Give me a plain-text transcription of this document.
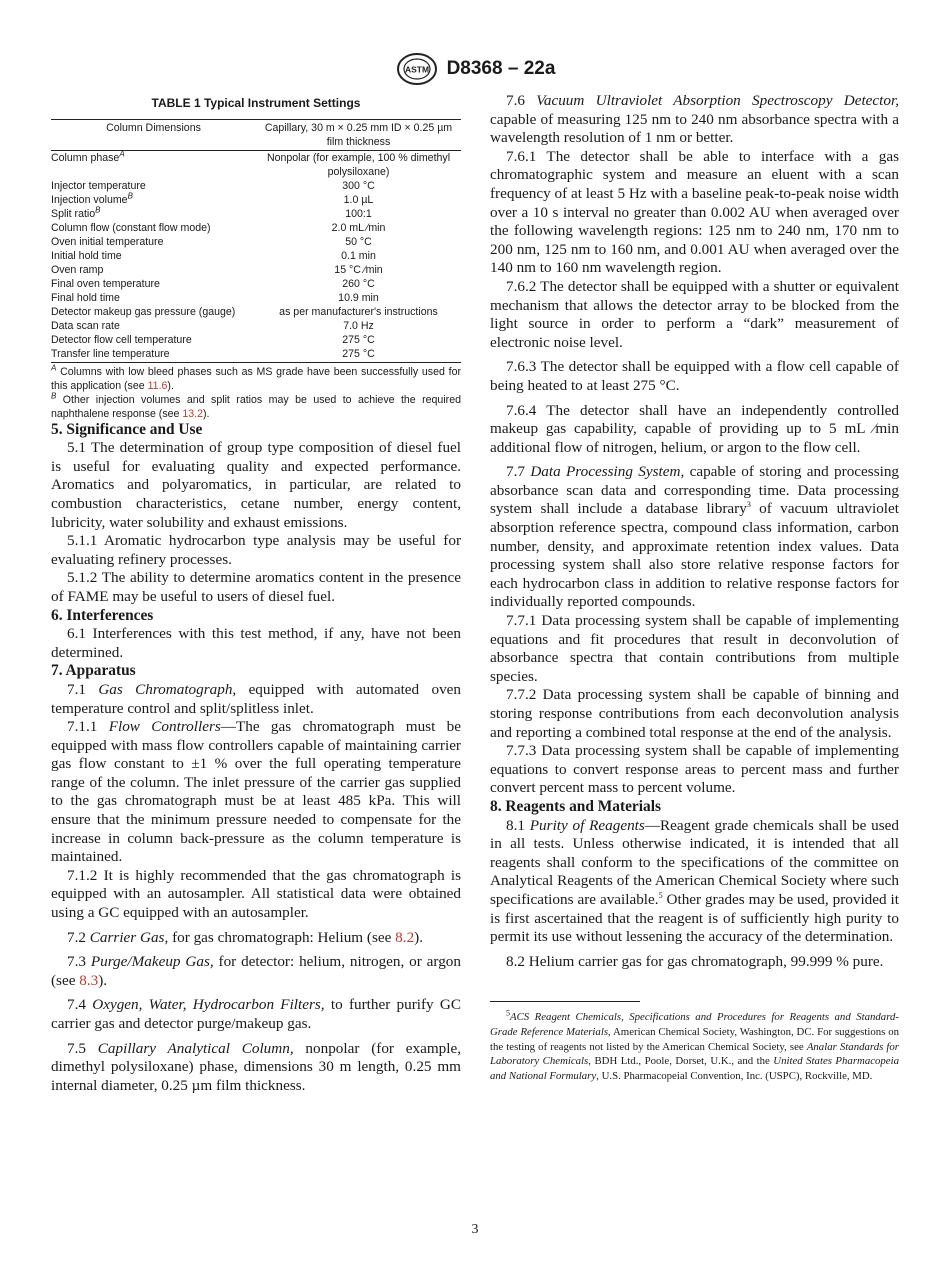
ASTM D8368 – 22a
TABLE 1 Typical Instrument Settings
Column Dimensions	Capillary, 30 m × 0.25 mm ID × 0.25 µm film thickness
Column phase$^A$	Nonpolar (for example, 100 % dimethyl polysiloxane)
Injector temperature	300 °C
Injection volume$^B$	1.0 µL
Split ratio$^B$	100:1
Column flow (constant flow mode)	2.0 mL ⁄min
Oven initial temperature	50 °C
Initial hold time	0.1 min
Oven ramp	15 °C ⁄min
Final oven temperature	260 °C
Final hold time	10.9 min
Detector makeup gas pressure (gauge)	as per manufacturer's instructions
Data scan rate	7.0 Hz
Detector flow cell temperature	275 °C
Transfer line temperature	275 °C
$^A$ Columns with low bleed phases such as MS grade have been successfully used for this application (see 11.6).
$^B$ Other injection volumes and split ratios may be used to achieve the required naphthalene response (see 13.2).

5. Significance and Use

5.1 The determination of group type composition of diesel fuel is useful for evaluating quality and expected performance. Aromatics and polyaromatics, in particular, are related to combustion characteristics, cetane number, energy content, lubricity, water solubility and exhaust emissions.

5.1.1 Aromatic hydrocarbon type analysis may be useful for evaluating refinery processes.

5.1.2 The ability to determine aromatics content in the presence of FAME may be useful to users of diesel fuel.

6. Interferences

6.1 Interferences with this test method, if any, have not been determined.

7. Apparatus

7.1 Gas Chromatograph, equipped with automated oven temperature control and split/splitless inlet.

7.1.1 Flow Controllers—The gas chromatograph must be equipped with mass flow controllers capable of maintaining carrier gas flow constant to ±1 % over the full operating temperature range of the column. The inlet pressure of the carrier gas supplied to the gas chromatograph must be at least 485 kPa. This will ensure that the minimum pressure needed to compensate for the increase in column back-pressure as the column temperature is maintained.

7.1.2 It is highly recommended that the gas chromatograph is equipped with an autosampler. All statistical data were obtained using a GC equipped with an autosampler.

7.2 Carrier Gas, for gas chromatograph: Helium (see 8.2).

7.3 Purge/Makeup Gas, for detector: helium, nitrogen, or argon (see 8.3).

7.4 Oxygen, Water, Hydrocarbon Filters, to further purify GC carrier gas and detector purge/makeup gas.

7.5 Capillary Analytical Column, nonpolar (for example, dimethyl polysiloxane) phase, dimensions 30 m length, 0.25 mm internal diameter, 0.25 µm film thickness.

7.6 Vacuum Ultraviolet Absorption Spectroscopy Detector, capable of measuring 125 nm to 240 nm absorbance spectra with a wavelength resolution of 1 nm or better.

7.6.1 The detector shall be able to interface with a gas chromatographic system and measure an eluent with a scan frequency of at least 5 Hz with a baseline peak-to-peak noise width over a 10 s interval no greater than 0.002 AU when averaged over the following wavelength regions: 125 nm to 240 nm, 170 nm to 200 nm, 125 nm to 160 nm, and 0.001 AU when averaged over the 140 nm to 160 nm wavelength region.

7.6.2 The detector shall be equipped with a shutter or equivalent mechanism that allows the detector array to be blocked from the light source in order to perform a “dark” measurement of electronic noise level.

7.6.3 The detector shall be equipped with a flow cell capable of being heated to at least 275 °C.

7.6.4 The detector shall have an independently controlled makeup gas capability, capable of providing up to 5 mL ⁄min additional flow of nitrogen, helium, or argon to the flow cell.

7.7 Data Processing System, capable of storing and processing absorbance scan data and corresponding time. Data processing system shall include a database library$^3$ of vacuum ultraviolet absorption reference spectra, compound class information, carbon number, density, and approximate retention index values. Data processing system shall also store relative response factors for each hydrocarbon class in addition to relative response factors for individually reported compounds.

7.7.1 Data processing system shall be capable of implementing equations and fit procedures that result in deconvolution of absorbance spectra that contain contributions from multiple species.

7.7.2 Data processing system shall be capable of binning and storing response contributions from each deconvolution analysis and reporting a combined total response at the end of the analysis.

7.7.3 Data processing system shall be capable of implementing equations to convert response areas to percent mass and further convert percent mass to percent volume.

8. Reagents and Materials

8.1 Purity of Reagents—Reagent grade chemicals shall be used in all tests. Unless otherwise indicated, it is intended that all reagents shall conform to the specifications of the committee on Analytical Reagents of the American Chemical Society where such specifications are available.$^5$ Other grades may be used, provided it is first ascertained that the reagent is of sufficiently high purity to permit its use without lessening the accuracy of the determination.

8.2 Helium carrier gas for gas chromatograph, 99.999 % pure.

$^5$ACS Reagent Chemicals, Specifications and Procedures for Reagents and Standard-Grade Reference Materials, American Chemical Society, Washington, DC. For suggestions on the testing of reagents not listed by the American Chemical Society, see Analar Standards for Laboratory Chemicals, BDH Ltd., Poole, Dorset, U.K., and the United States Pharmacopeia and National Formulary, U.S. Pharmacopeial Convention, Inc. (USPC), Rockville, MD.
3
